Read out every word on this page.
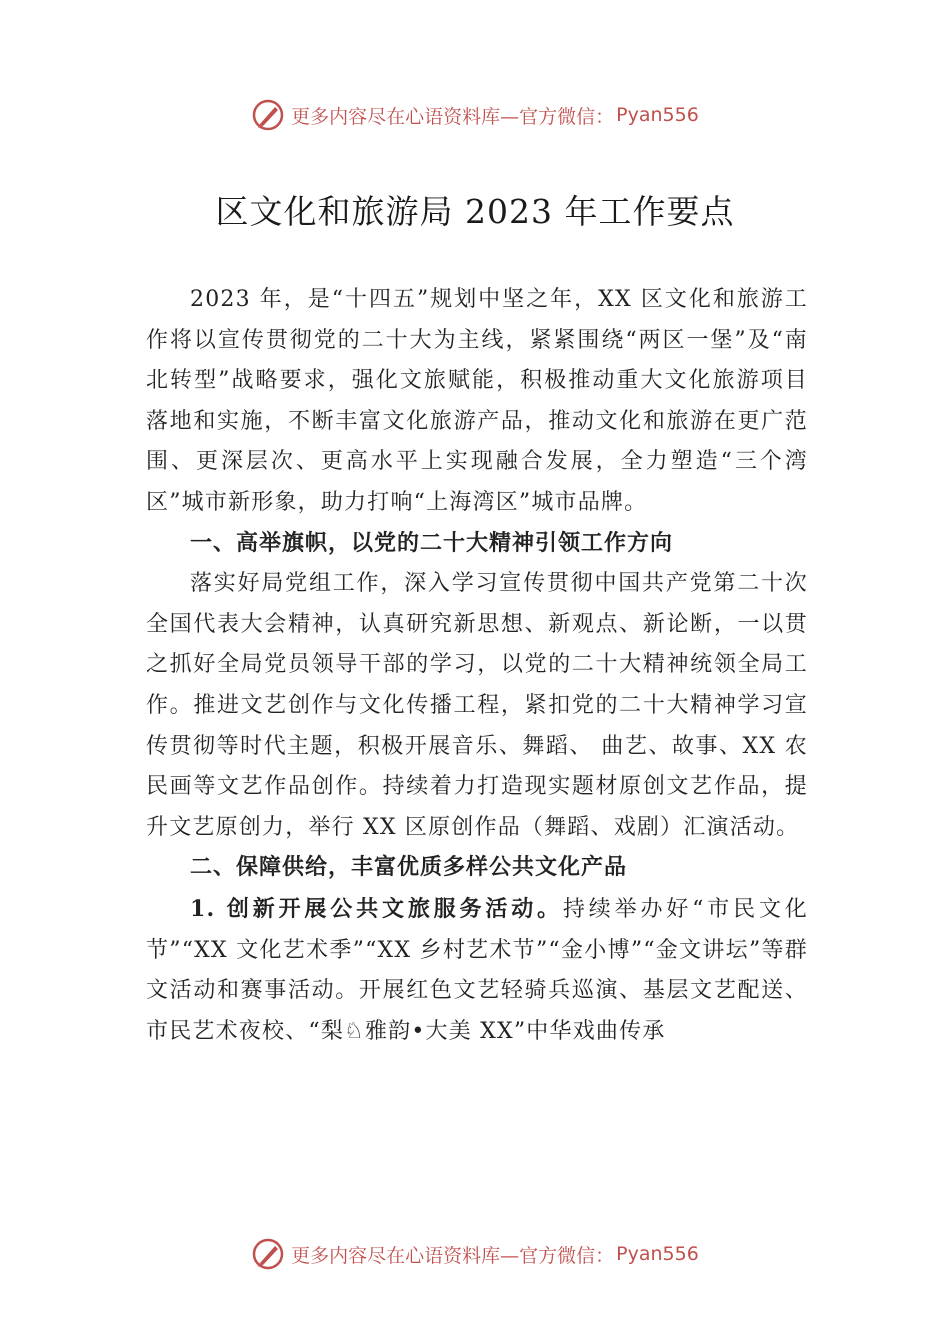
更多内容尽在心语资料库—官方微信： Pyan556
区文化和旅游局 2023 年工作要点

2023 年，是“十四五”规划中坚之年，XX 区文化和旅游工作将以宣传贯彻党的二十大为主线，紧紧围绕“两区一堡”及“南北转型”战略要求，强化文旅赋能，积极推动重大文化旅游项目落地和实施，不断丰富文化旅游产品，推动文化和旅游在更广范围、更深层次、更高水平上实现融合发展，全力塑造“三个湾区”城市新形象，助力打响“上海湾区”城市品牌。

一、高举旗帜，以党的二十大精神引领工作方向

落实好局党组工作，深入学习宣传贯彻中国共产党第二十次全国代表大会精神，认真研究新思想、新观点、新论断，一以贯之抓好全局党员领导干部的学习，以党的二十大精神统领全局工作。推进文艺创作与文化传播工程，紧扣党的二十大精神学习宣传贯彻等时代主题，积极开展音乐、舞蹈、 曲艺、故事、XX 农民画等文艺作品创作。持续着力打造现实题材原创文艺作品，提升文艺原创力，举行 XX 区原创作品（舞蹈、戏剧）汇演活动。

二、保障供给，丰富优质多样公共文化产品

1. 创新开展公共文旅服务活动。持续举办好“市民文化节”“XX 文化艺术季”“XX 乡村艺术节”“金小博”“金文讲坛”等群文活动和赛事活动。开展红色文艺轻骑兵巡演、基层文艺配送、市民艺术夜校、“梨♘雅韵•大美 XX”中华戏曲传承

更多内容尽在心语资料库—官方微信： Pyan556
